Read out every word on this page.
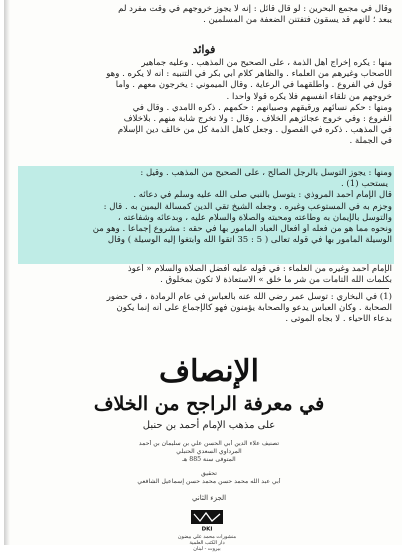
وقال في مجمع البحرين : لو قال قائل : إنه لا يجوز خروجهم في وقت مفرد لم
يبعد ؛ لأنهم قد يسقون فتفتنن الضعفة من المسلمين .
فوائد
منها : يكره إخراج أهل الذمة ، على الصحيح من المذهب . وعليه جماهير
الأصحاب وغيرهم من العلماء . والظاهر كلام أبي بكر في التنبيه : أنه لا يكره . وهو
قول في الفروع . وأطلقهما في الرعاية . وقال الميموني : يخرجون معهم . وأما
خروجهم من تلقاء أنفسهم فلا يكره قولا واحدا .
ومنها : حكم نسائهم ورقيقهم وصبيانهم : حكمهم . ذكره الآمدي . وقال في
الفروع : وفي خروج عجائزهم الخلاف . وقال : ولا تخرج شابة منهم . بلاخلاف
في المذهب . ذكره في الفصول . وجعل كأهل الذمة كل من خالف دين الإسلام
في الجملة .
ومنها : يجوز التوسل بالرجل الصالح ، على الصحيح من المذهب . وقيل :
يستحب (1) .
قال الإمام أحمد المروذي : يتوسل بالنبي صلى الله عليه وسلم في دعائه .
وجزم به في المستوعب وغيره . وجعله الشيخ تقي الدين كمسألة اليمين به . قال :
والتوسل بالإيمان به وطاعته ومحبته والصلاة والسلام عليه ، وبدعائه وشفاعته ،
ونحوه مما هو من فعله أو أفعال العباد المأمور بها في حقه : مشروع إجماعا . وهو من
الوسيلة المأمور بها في قوله تعالى ( 5 : 35 اتقوا الله وابتغوا إليه الوسيلة ) وقال
الإمام أحمد وغيره من العلماء : في قوله عليه أفضل الصلاة والسلام « أعوذ
بكلمات الله التامات من شر ما خلق » الاستعاذة لا تكون بمخلوق .
(1) في البخاري : توسل عمر رضي الله عنه بالعباس في عام الرمادة ، في حضور
الصحابة . وكان العباس يدعو والصحابة يؤمنون فهو كالإجماع على أنه إنما يكون
بدعاء الأحياء . لا بجاه الموتى .
الإنصاف
في معرفة الراجح من الخلاف
على مذهب الإمام أحمد بن حنبل
تصنيف علاء الدين أبي الحسن علي بن سليمان بن أحمد
المرداوي السعدي الحنبلي
المتوفى سنة 885 هـ
تحقيق
أبي عبد الله محمد حسن محمد حسن إسماعيل الشافعي
الجزء الثاني
DKI
منشورات محمد علي بيضون
دار الكتب العلمية
بيروت - لبنان
